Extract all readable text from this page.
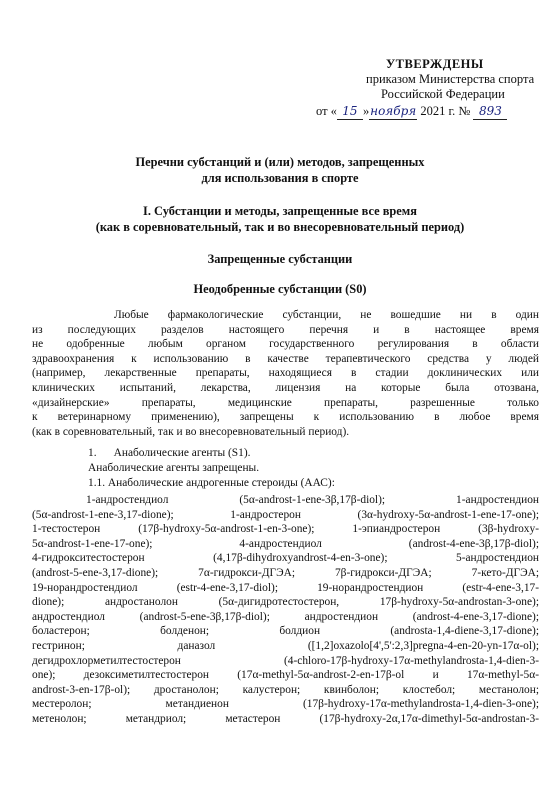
УТВЕРЖДЕНЫ
приказом Министерства спорта
Российской Федерации
от « 15 »ноября 2021 г. № 893
Перечни субстанций и (или) методов, запрещенных
для использования в спорте
I. Субстанции и методы, запрещенные все время
(как в соревновательный, так и во внесоревновательный период)
Запрещенные субстанции
Неодобренные субстанции (S0)

Любые фармакологические субстанции, не вошедшие ни в один

из последующих разделов настоящего перечня и в настоящее время

не одобренные любым органом государственного регулирования в области

здравоохранения к использованию в качестве терапевтического средства у людей

(например, лекарственные препараты, находящиеся в стадии доклинических или

клинических испытаний, лекарства, лицензия на которые была отозвана,

«дизайнерские» препараты, медицинские препараты, разрешенные только

к ветеринарному применению), запрещены к использованию в любое время

(как в соревновательный, так и во внесоревновательный период).

1.      Анаболические агенты (S1).
Анаболические агенты запрещены.
1.1. Анаболические андрогенные стероиды (ААС):

1-андростендиол (5α-androst-1-ene-3β,17β-diol); 1-андростендион

(5α-androst-1-ene-3,17-dione); 1-андростерон (3α-hydroxy-5α-androst-1-ene-17-one);

1-тестостерон (17β-hydroxy-5α-androst-1-en-3-one); 1-эпиандростерон (3β-hydroxy-

5α-androst-1-ene-17-one); 4-андростендиол (androst-4-ene-3β,17β-diol);

4-гидрокситестостерон (4,17β-dihydroxyandrost-4-en-3-one); 5-андростендион

(androst-5-ene-3,17-dione); 7α-гидрокси-ДГЭА; 7β-гидрокси-ДГЭА; 7-кето-ДГЭА;

19-норандростендиол (estr-4-ene-3,17-diol); 19-норандростендион (estr-4-ene-3,17-

dione); андростанолон (5α-дигидротестостерон, 17β-hydroxy-5α-androstan-3-one);

андростендиол (androst-5-ene-3β,17β-diol); андростендион (androst-4-ene-3,17-dione);

боластерон; болденон; болдион (androsta-1,4-diene-3,17-dione);

гестринон; даназол ([1,2]oxazolo[4',5':2,3]pregna-4-en-20-yn-17α-ol);

дегидрохлорметилтестостерон (4-chloro-17β-hydroxy-17α-methylandrosta-1,4-dien-3-

one); дезоксиметилтестостерон (17α-methyl-5α-androst-2-en-17β-ol и 17α-methyl-5α-

androst-3-en-17β-ol); дростанолон; калустерон; квинболон; клостебол; местанолон;

местеролон; метандиенон (17β-hydroxy-17α-methylandrosta-1,4-dien-3-one);

метенолон; метандриол; метастерон (17β-hydroxy-2α,17α-dimethyl-5α-androstan-3-
